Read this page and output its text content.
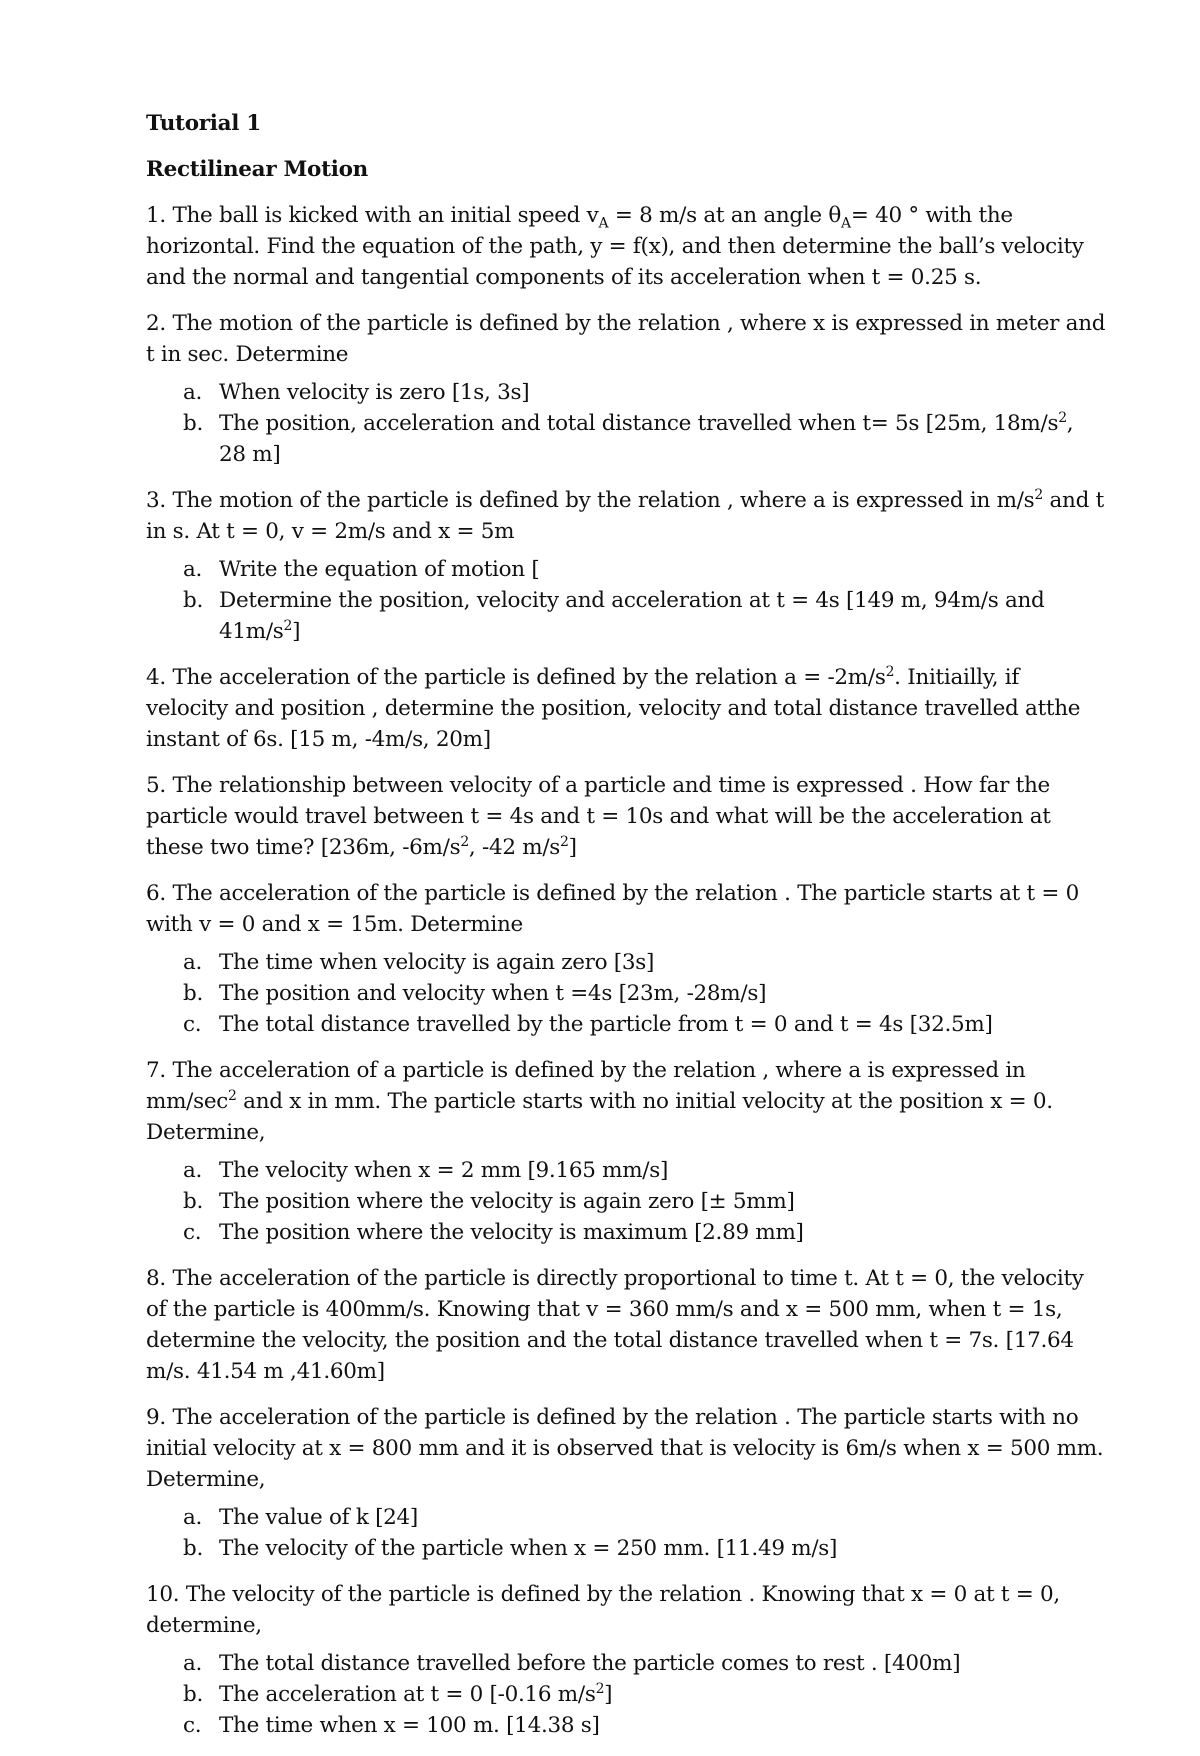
Tutorial 1

Rectilinear Motion

1. The ball is kicked with an initial speed $v_A = 8$ m/s at an angle $\theta_A= 40$ ° with the horizontal. Find the equation of the path, y = f(x), and then determine the ball’s velocity and the normal and tangential components of its acceleration when t = 0.25 s.

2. The motion of the particle is defined by the relation , where x is expressed in meter and t in sec. Determine

a. When velocity is zero [1s, 3s]
b. The position, acceleration and total distance travelled when t= 5s [25m, $18m/s^2$, 28 m]

3. The motion of the particle is defined by the relation , where a is expressed in $m/s^2$ and t in s. At t = 0, v = 2m/s and x = 5m

a. Write the equation of motion [
b. Determine the position, velocity and acceleration at t = 4s [149 m, 94m/s and $41m/s^2$]

4. The acceleration of the particle is defined by the relation $a = -2m/s^2$. Initiailly, if velocity and position , determine the position, velocity and total distance travelled atthe instant of 6s. [15 m, -4m/s, 20m]

5. The relationship between velocity of a particle and time is expressed . How far the particle would travel between t = 4s and t = 10s and what will be the acceleration at these two time? [236m, $-6m/s^2$, -42 $m/s^2$]

6. The acceleration of the particle is defined by the relation . The particle starts at t = 0 with v = 0 and x = 15m. Determine

a. The time when velocity is again zero [3s]
b. The position and velocity when t =4s [23m, -28m/s]
c. The total distance travelled by the particle from t = 0 and t = 4s [32.5m]

7. The acceleration of a particle is defined by the relation , where a is expressed in $mm/\sec^2$ and x in mm. The particle starts with no initial velocity at the position x = 0. Determine,

a. The velocity when x = 2 mm [9.165 mm/s]
b. The position where the velocity is again zero [± 5mm]
c. The position where the velocity is maximum [2.89 mm]

8. The acceleration of the particle is directly proportional to time t. At t = 0, the velocity of the particle is 400mm/s. Knowing that v = 360 mm/s and x = 500 mm, when t = 1s, determine the velocity, the position and the total distance travelled when t = 7s. [17.64 m/s. 41.54 m ,41.60m]

9. The acceleration of the particle is defined by the relation . The particle starts with no initial velocity at x = 800 mm and it is observed that is velocity is 6m/s when x = 500 mm. Determine,

a. The value of k [24]
b. The velocity of the particle when x = 250 mm. [11.49 m/s]

10. The velocity of the particle is defined by the relation . Knowing that x = 0 at t = 0, determine,

a. The total distance travelled before the particle comes to rest . [400m]
b. The acceleration at t = 0 [-0.16 $m/s^2$]
c. The time when x = 100 m. [14.38 s]
